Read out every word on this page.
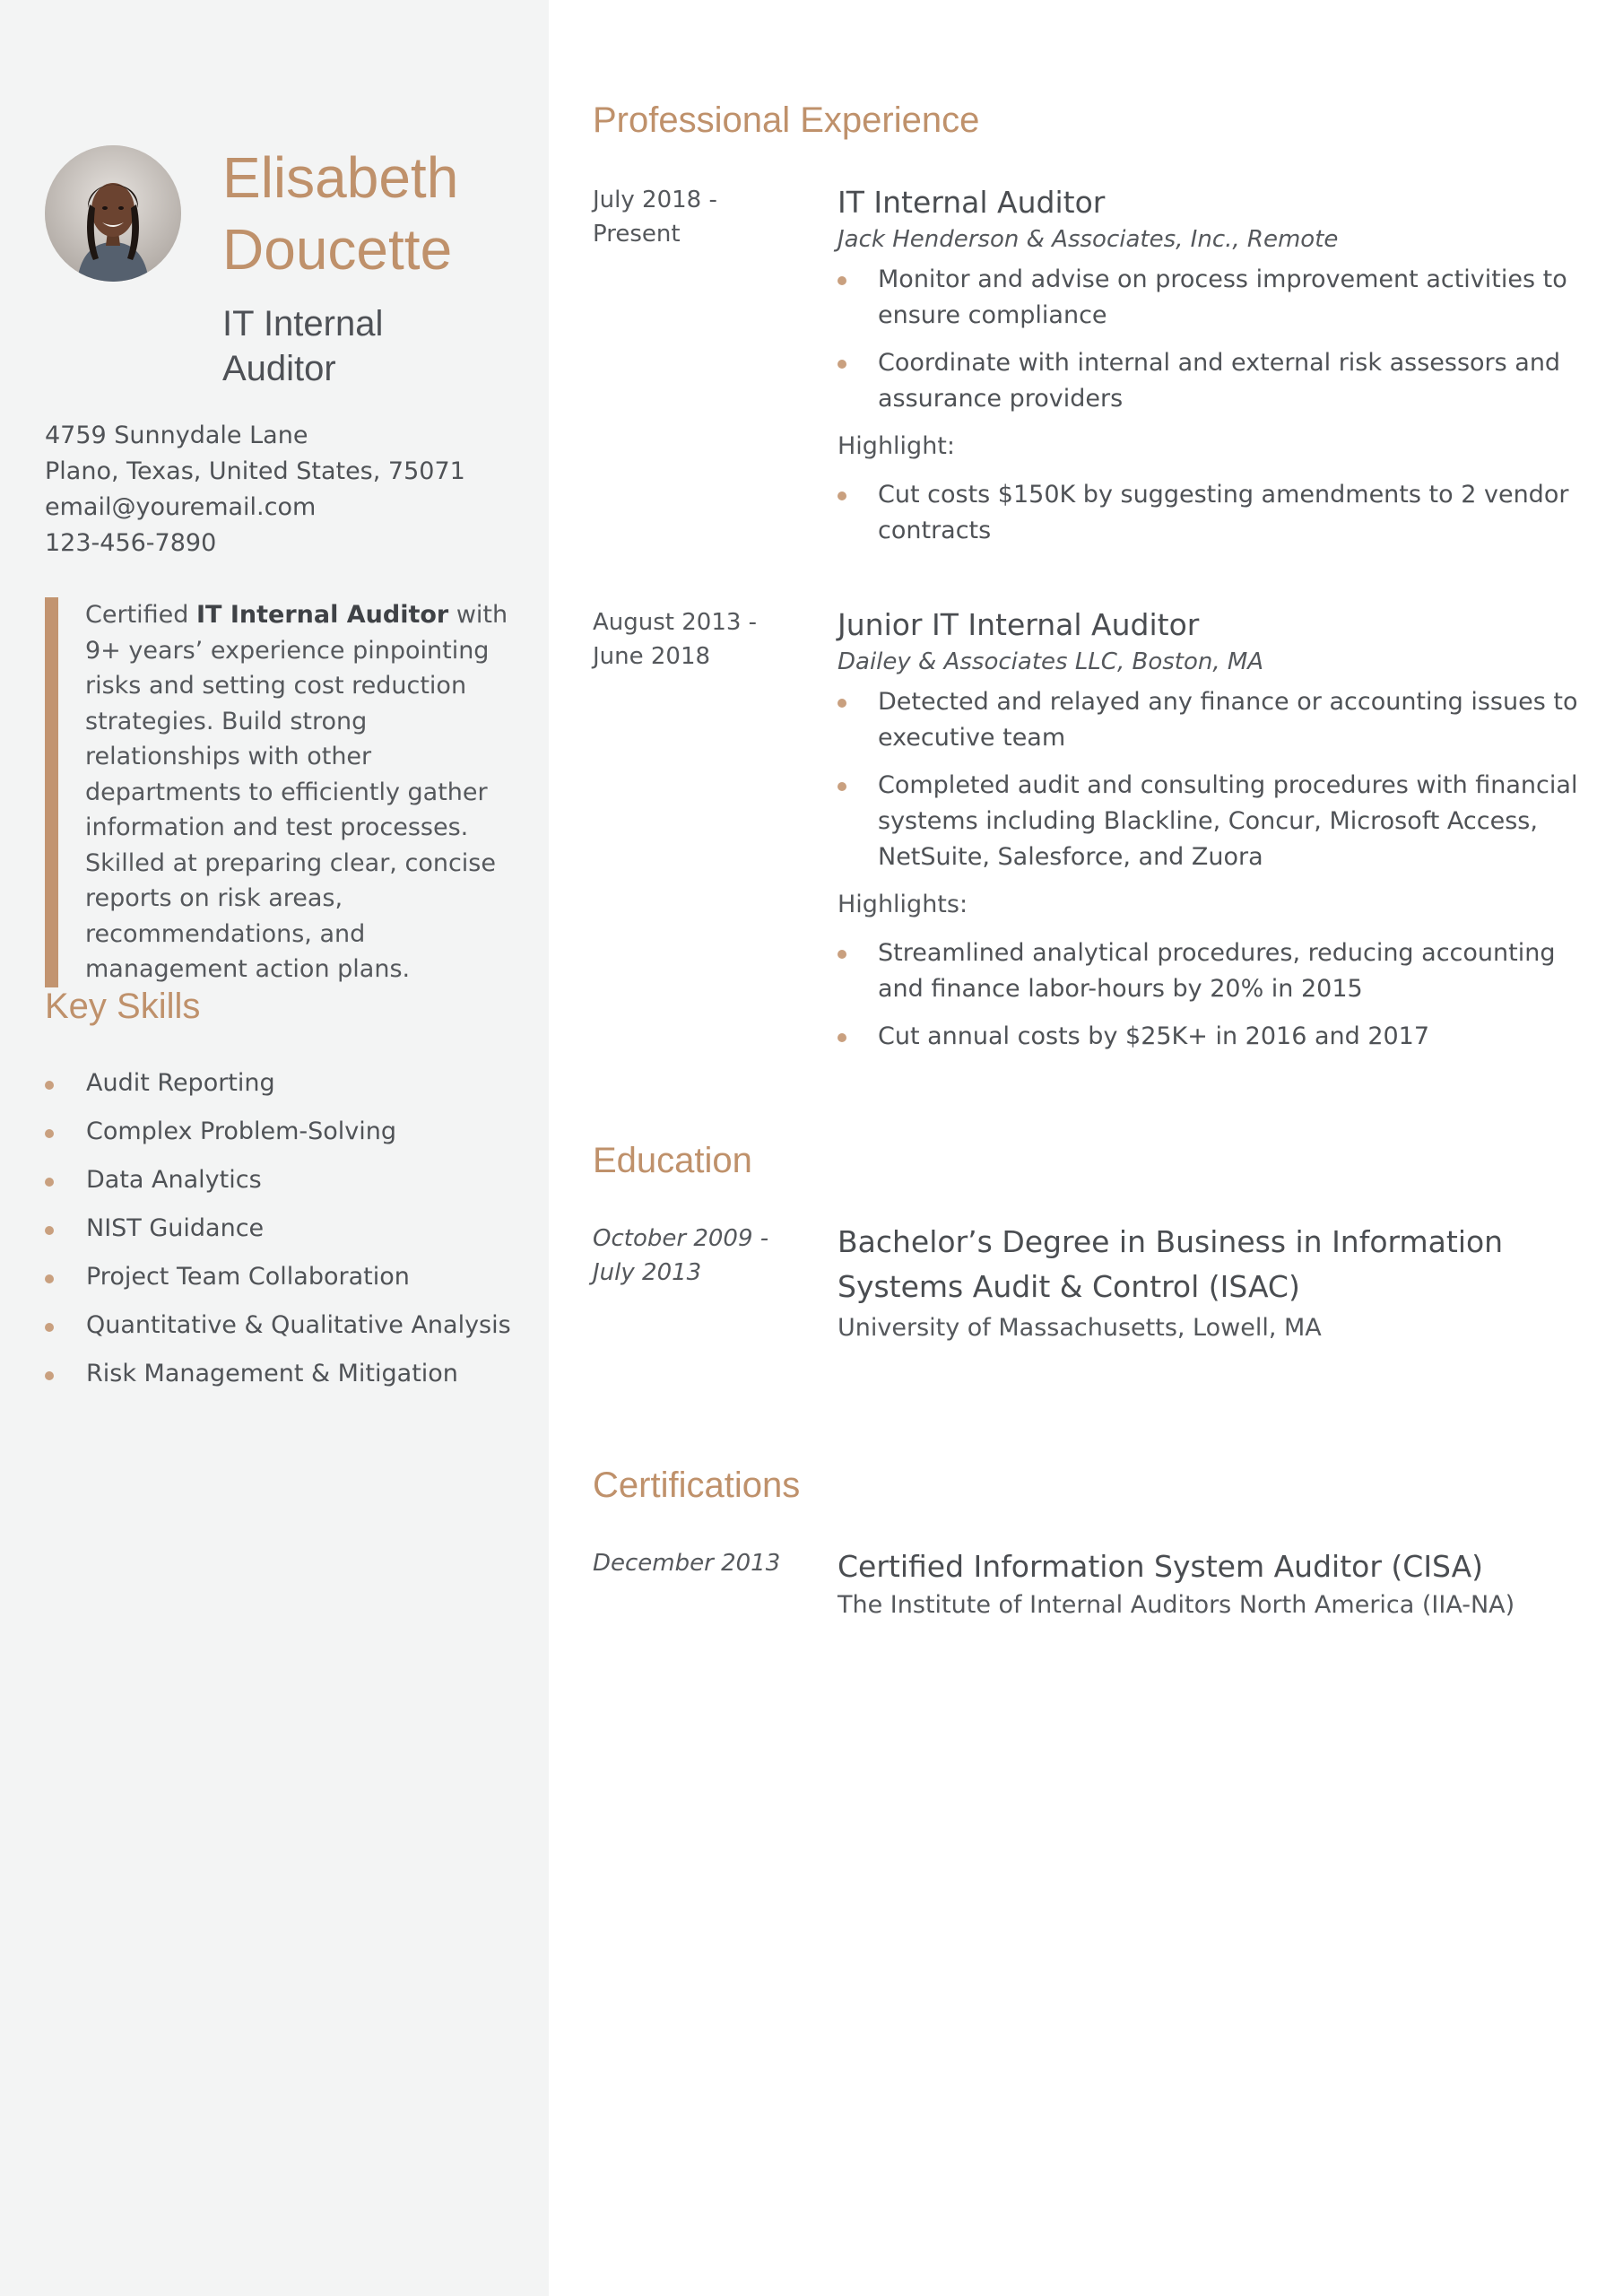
Elisabeth
Doucette
IT Internal
Auditor
4759 Sunnydale Lane
Plano, Texas, United States, 75071
email@youremail.com
123-456-7890
Certified IT Internal Auditor with 9+ years’ experience pinpointing risks and setting cost reduction strategies. Build strong relationships with other departments to efficiently gather information and test processes. Skilled at preparing clear, concise reports on risk areas, recommendations, and management action plans.
Key Skills
Audit Reporting
Complex Problem-Solving
Data Analytics
NIST Guidance
Project Team Collaboration
Quantitative & Qualitative Analysis
Risk Management & Mitigation
Professional Experience
July 2018 - Present
IT Internal Auditor
Jack Henderson & Associates, Inc., Remote
Monitor and advise on process improvement activities to ensure compliance
Coordinate with internal and external risk assessors and assurance providers
Highlight:
Cut costs $150K by suggesting amendments to 2 vendor contracts
August 2013 - June 2018
Junior IT Internal Auditor
Dailey & Associates LLC, Boston, MA
Detected and relayed any finance or accounting issues to executive team
Completed audit and consulting procedures with financial systems including Blackline, Concur, Microsoft Access, NetSuite, Salesforce, and Zuora
Highlights:
Streamlined analytical procedures, reducing accounting and finance labor-hours by 20% in 2015
Cut annual costs by $25K+ in 2016 and 2017
Education
October 2009 - July 2013
Bachelor’s Degree in Business in Information Systems Audit & Control (ISAC)
University of Massachusetts, Lowell, MA
Certifications
December 2013	Certified Information System Auditor (CISA)
The Institute of Internal Auditors North America (IIA-NA)
